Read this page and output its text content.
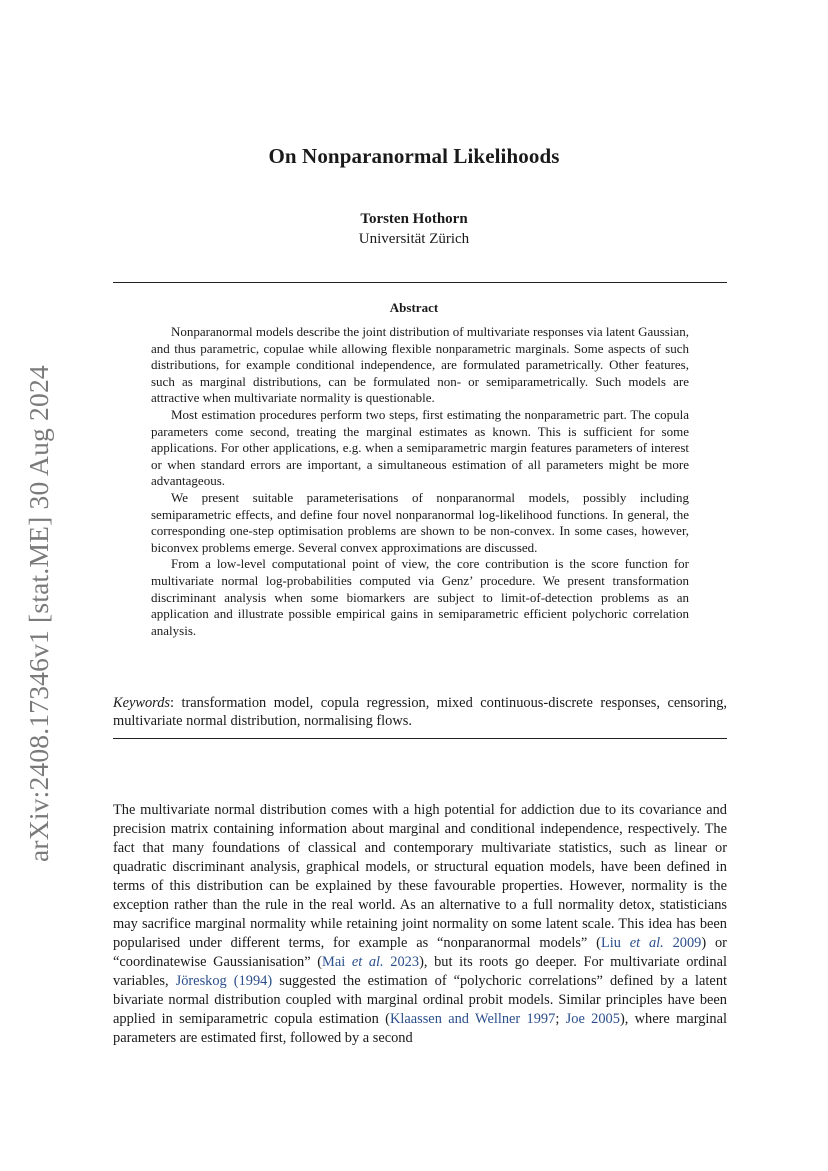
arXiv:2408.17346v1 [stat.ME] 30 Aug 2024
On Nonparanormal Likelihoods
Torsten Hothorn
Universität Zürich
Abstract

Nonparanormal models describe the joint distribution of multivariate responses via latent Gaussian, and thus parametric, copulae while allowing flexible nonparametric marginals. Some aspects of such distributions, for example conditional independence, are formulated parametrically. Other features, such as marginal distributions, can be formulated non- or semiparametrically. Such models are attractive when multivariate normality is questionable.

Most estimation procedures perform two steps, first estimating the nonparametric part. The copula parameters come second, treating the marginal estimates as known. This is sufficient for some applications. For other applications, e.g. when a semiparametric margin features parameters of interest or when standard errors are important, a simultaneous estimation of all parameters might be more advantageous.

We present suitable parameterisations of nonparanormal models, possibly including semiparametric effects, and define four novel nonparanormal log-likelihood functions. In general, the corresponding one-step optimisation problems are shown to be non-convex. In some cases, however, biconvex problems emerge. Several convex approximations are discussed.

From a low-level computational point of view, the core contribution is the score function for multivariate normal log-probabilities computed via Genz’ procedure. We present transformation discriminant analysis when some biomarkers are subject to limit-of-detection problems as an application and illustrate possible empirical gains in semiparametric efficient polychoric correlation analysis.

Keywords: transformation model, copula regression, mixed continuous-discrete responses, censoring, multivariate normal distribution, normalising flows.

The multivariate normal distribution comes with a high potential for addiction due to its covariance and precision matrix containing information about marginal and conditional independence, respectively. The fact that many foundations of classical and contemporary multivariate statistics, such as linear or quadratic discriminant analysis, graphical models, or structural equation models, have been defined in terms of this distribution can be explained by these favourable properties. However, normality is the exception rather than the rule in the real world. As an alternative to a full normality detox, statisticians may sacrifice marginal normality while retaining joint normality on some latent scale. This idea has been popularised under different terms, for example as “nonparanormal models” (Liu et al. 2009) or “coordinatewise Gaussianisation” (Mai et al. 2023), but its roots go deeper. For multivariate ordinal variables, Jöreskog (1994) suggested the estimation of “polychoric correlations” defined by a latent bivariate normal distribution coupled with marginal ordinal probit models. Similar principles have been applied in semiparametric copula estimation (Klaassen and Wellner 1997; Joe 2005), where marginal parameters are estimated first, followed by a second
